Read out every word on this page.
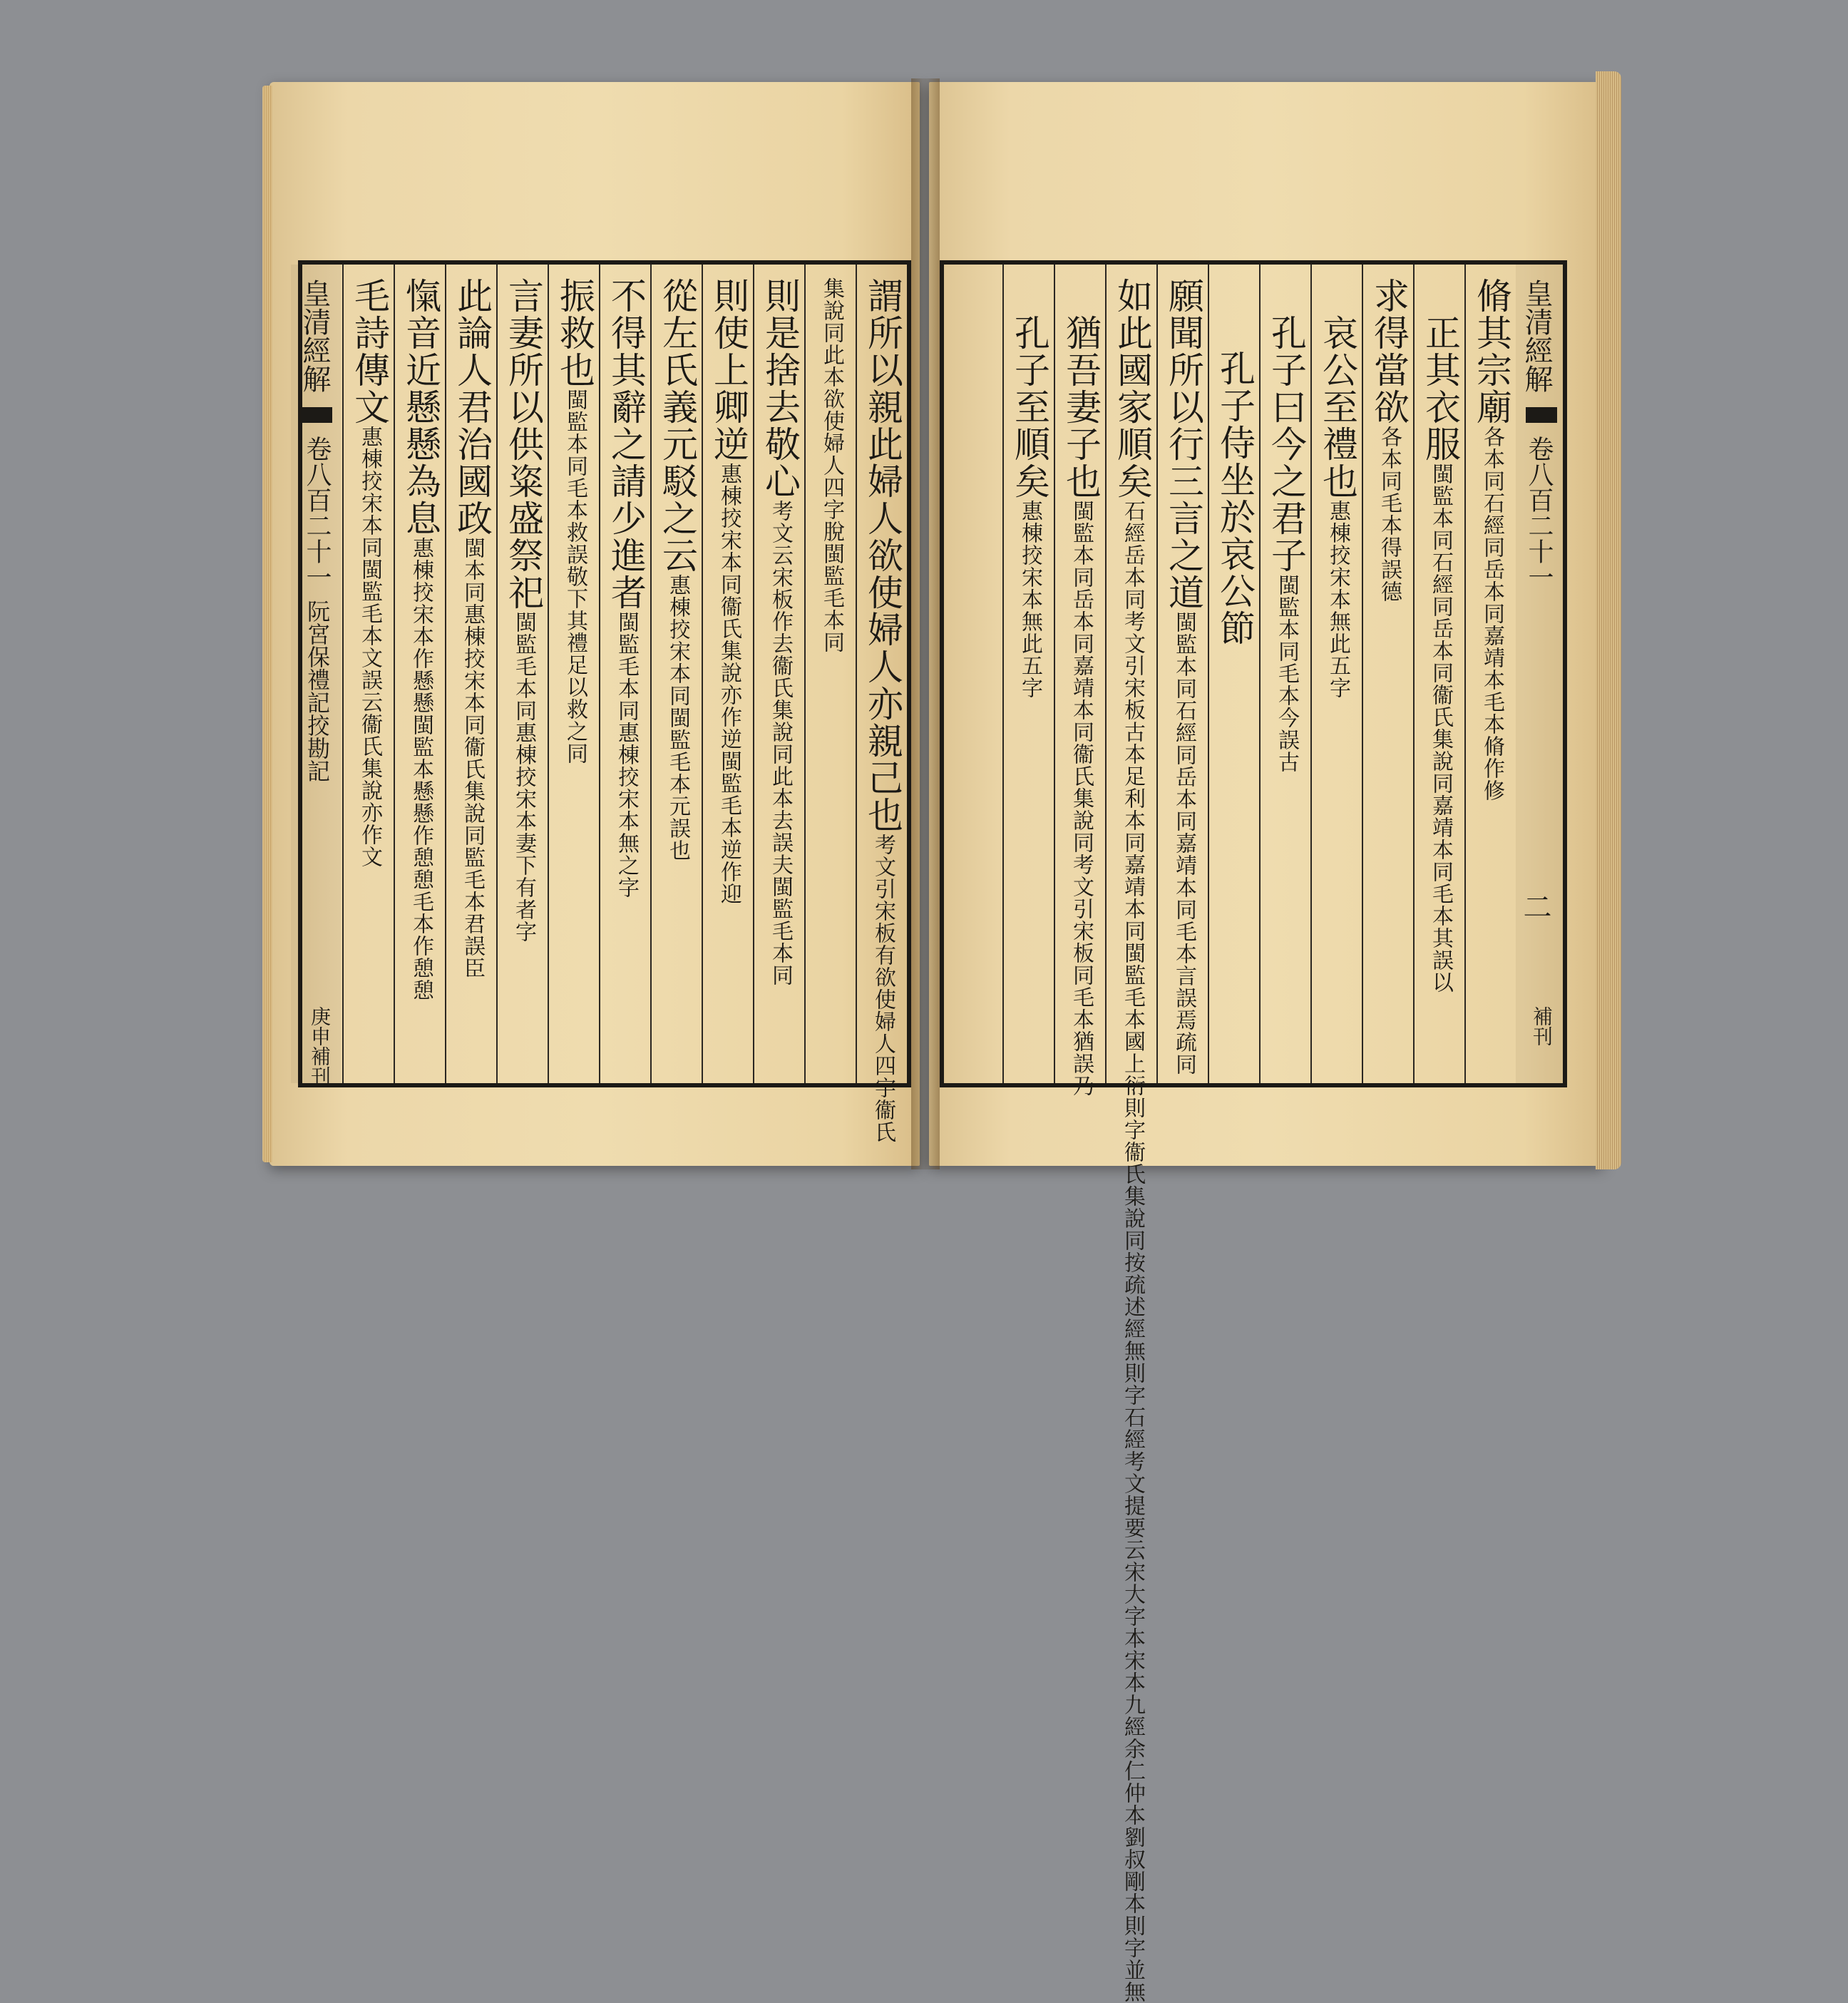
謂所以親此婦人欲使婦人亦親己也考文引宋板有欲使婦人四字衞氏
集說同此本欲使婦人四字脫閩監毛本同
則是捨去敬心考文云宋板作去衞氏集說同此本去誤夫閩監毛本同
則使上卿逆惠棟挍宋本同衞氏集說亦作逆閩監毛本逆作迎
從左氏義元駁之云惠棟挍宋本同閩監毛本元誤也
不得其辭之請少進者閩監毛本同惠棟挍宋本無之字
振救也閩監本同毛本救誤敬下其禮足以救之同
言妻所以供粢盛祭祀閩監毛本同惠棟挍宋本妻下有者字
此論人君治國政閩本同惠棟挍宋本同衞氏集說同監毛本君誤臣
愾音近懸懸為息惠棟挍宋本作懸懸閩監本懸懸作憩憩毛本作憩憩
毛詩傳文惠棟挍宋本同閩監毛本文誤云衞氏集說亦作文
皇清經解
卷八百二十一
阮宮保禮記挍勘記
庚申補刊
皇清經解
卷八百二十一
二
補刊
脩其宗廟各本同石經同岳本同嘉靖本毛本脩作修
正其衣服閩監本同石經同岳本同衞氏集說同嘉靖本同毛本其誤以
求得當欲各本同毛本得誤德
哀公至禮也惠棟挍宋本無此五字
孔子曰今之君子閩監本同毛本今誤古
孔子侍坐於哀公節
願聞所以行三言之道閩監本同石經同岳本同嘉靖本同毛本言誤焉疏同
如此國家順矣石經岳本同考文引宋板古本足利本同嘉靖本同閩監毛本國上衍則字衞氏集說同按疏述經無則字石經考文提要云宋大字本宋本九經余仁仲本劉叔剛本則字並無
猶吾妻子也閩監本同岳本同嘉靖本同衞氏集說同考文引宋板同毛本猶誤乃
孔子至順矣惠棟挍宋本無此五字
